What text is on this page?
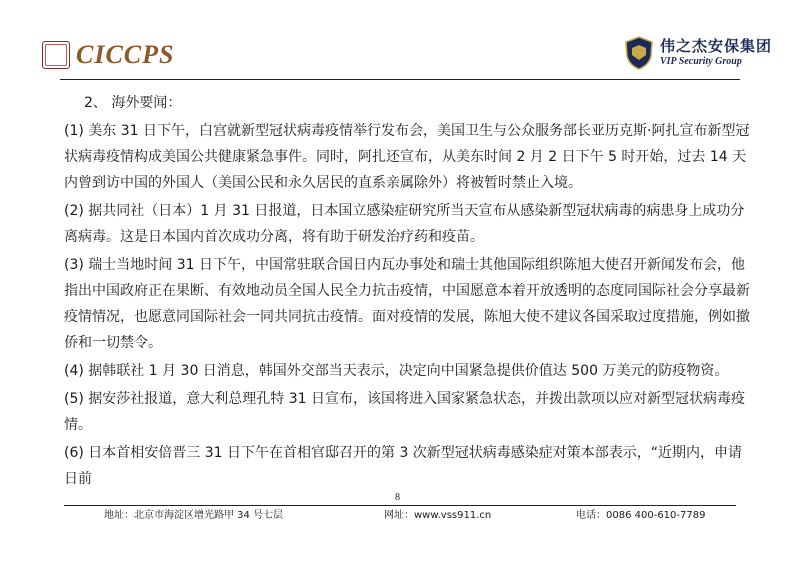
CICCPS	伟之杰安保集团
VIP Security Group

2、 海外要闻：

(1) 美东 31 日下午，白宫就新型冠状病毒疫情举行发布会，美国卫生与公众服务部长亚历克斯·阿扎宣布新型冠状病毒疫情构成美国公共健康紧急事件。同时，阿扎还宣布，从美东时间 2 月 2 日下午 5 时开始，过去 14 天内曾到访中国的外国人（美国公民和永久居民的直系亲属除外）将被暂时禁止入境。

(2) 据共同社（日本）1 月 31 日报道，日本国立感染症研究所当天宣布从感染新型冠状病毒的病患身上成功分离病毒。这是日本国内首次成功分离，将有助于研发治疗药和疫苗。

(3) 瑞士当地时间 31 日下午，中国常驻联合国日内瓦办事处和瑞士其他国际组织陈旭大使召开新闻发布会，他指出中国政府正在果断、有效地动员全国人民全力抗击疫情，中国愿意本着开放透明的态度同国际社会分享最新疫情情况，也愿意同国际社会一同共同抗击疫情。面对疫情的发展，陈旭大使不建议各国采取过度措施，例如撤侨和一切禁令。

(4) 据韩联社 1 月 30 日消息，韩国外交部当天表示，决定向中国紧急提供价值达 500 万美元的防疫物资。

(5) 据安莎社报道，意大利总理孔特 31 日宣布，该国将进入国家紧急状态，并拨出款项以应对新型冠状病毒疫情。

(6) 日本首相安倍晋三 31 日下午在首相官邸召开的第 3 次新型冠状病毒感染症对策本部表示，“近期内，申请日前

8
地址：北京市海淀区增光路甲 34 号七层	网址：www.vss911.cn	电话：0086 400-610-7789
